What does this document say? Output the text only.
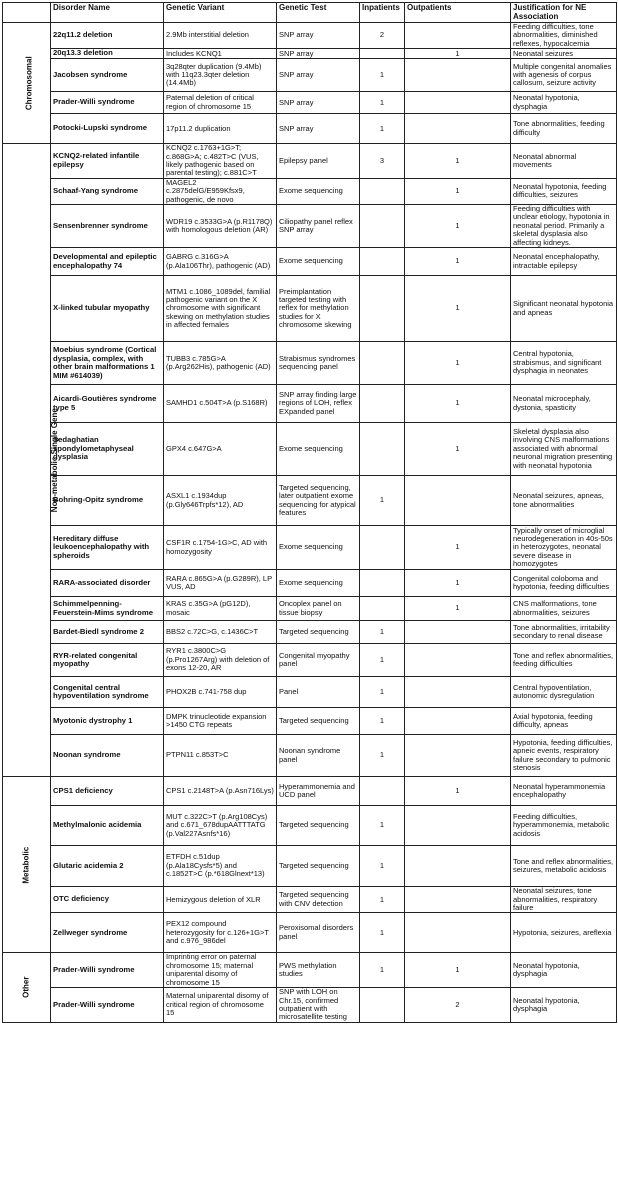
	Disorder Name	Genetic Variant	Genetic Test	Inpatients	Outpatients	Justification for NE Association
Chromosomal	22q11.2 deletion	2.9Mb interstitial deletion	SNP array	2		Feeding difficulties, tone abnormalities, diminished reflexes, hypocalcemia
	20q13.3 deletion	Includes KCNQ1	SNP array		1	Neonatal seizures
	Jacobsen syndrome	3q28qter duplication (9.4Mb) with 11q23.3qter deletion (14.4Mb)	SNP array	1		Multiple congenital anomalies with agenesis of corpus callosum, seizure activity
	Prader-Willi syndrome	Paternal deletion of critical region of chromosome 15	SNP array	1		Neonatal hypotonia, dysphagia
	Potocki-Lupski syndrome	17p11.2 duplication	SNP array	1		Tone abnormalities, feeding difficulty
Non-metabolic Single Gene	KCNQ2-related infantile epilepsy	KCNQ2 c.1763+1G>T; c.868G>A; c.482T>C (VUS, likely pathogenic based on parental testing); c.881C>T	Epilepsy panel	3	1	Neonatal abnormal movements
	Schaaf-Yang syndrome	MAGEL2 c.2875delG/E959Kfsx9, pathogenic, de novo	Exome sequencing		1	Neonatal hypotonia, feeding difficulties, seizures
	Sensenbrenner syndrome	WDR19 c.3533G>A (p.R1178Q) with homologous deletion (AR)	Ciliopathy panel reflex SNP array		1	Feeding difficulties with unclear etiology, hypotonia in neonatal period. Primarily a skeletal dysplasia also affecting kidneys.
	Developmental and epileptic encephalopathy 74	GABRG c.316G>A (p.Ala106Thr), pathogenic (AD)	Exome sequencing		1	Neonatal encephalopathy, intractable epilepsy
	X-linked tubular myopathy	MTM1 c.1086_1089del, familial pathogenic variant on the X chromosome with significant skewing on methylation studies in affected females	Preimplantation targeted testing with reflex for methylation studies for X chromosome skewing		1	Significant neonatal hypotonia and apneas
	Moebius syndrome (Cortical dysplasia, complex, with other brain malformations 1 MIM #614039)	TUBB3 c.785G>A (p.Arg262His), pathogenic (AD)	Strabismus syndromes sequencing panel		1	Central hypotonia, strabismus, and significant dysphagia in neonates
	Aicardi-Goutières syndrome type 5	SAMHD1 c.504T>A (p.S168R)	SNP array finding large regions of LOH, reflex EXpanded panel		1	Neonatal microcephaly, dystonia, spasticity
	Sedaghatian spondylometaphyseal dysplasia	GPX4 c.647G>A	Exome sequencing		1	Skeletal dysplasia also involving CNS malformations associated with abnormal neuronal migration presenting with neonatal hypotonia
	Bohring-Opitz syndrome	ASXL1 c.1934dup (p.Gly646Trpfs*12), AD	Targeted sequencing, later outpatient exome sequencing for atypical features	1		Neonatal seizures, apneas, tone abnormalities
	Hereditary diffuse leukoencephalopathy with spheroids	CSF1R c.1754-1G>C, AD with homozygosity	Exome sequencing		1	Typically onset of microglial neurodegeneration in 40s-50s in heterozygotes, neonatal severe disease in homozygotes
	RARA-associated disorder	RARA c.865G>A (p.G289R), LP VUS, AD	Exome sequencing		1	Congenital coloboma and hypotonia, feeding difficulties
	Schimmelpenning-Feuerstein-Mims syndrome	KRAS c.35G>A (pG12D), mosaic	Oncoplex panel on tissue biopsy		1	CNS malformations, tone abnormalities, seizures
	Bardet-Biedl syndrome 2	BBS2 c.72C>G, c.1436C>T	Targeted sequencing	1		Tone abnormalities, irritability secondary to renal disease
	RYR-related congenital myopathy	RYR1 c.3800C>G (p.Pro1267Arg) with deletion of exons 12-20, AR	Congenital myopathy panel	1		Tone and reflex abnormalities, feeding difficulties
	Congenital central hypoventilation syndrome	PHOX2B c.741-758 dup	Panel	1		Central hypoventilation, autonomic dysregulation
	Myotonic dystrophy 1	DMPK trinucleotide expansion >1450 CTG repeats	Targeted sequencing	1		Axial hypotonia, feeding difficulty, apneas
	Noonan syndrome	PTPN11 c.853T>C	Noonan syndrome panel	1		Hypotonia, feeding difficulties, apneic events, respiratory failure secondary to pulmonic stenosis
Metabolic	CPS1 deficiency	CPS1 c.2148T>A (p.Asn716Lys)	Hyperammonemia and UCD panel		1	Neonatal hyperammonemia encephalopathy
	Methylmalonic acidemia	MUT c.322C>T (p.Arg108Cys) and c.671_678dupAATTTATG (p.Val227Asnfs*16)	Targeted sequencing	1		Feeding difficulties, hyperammonemia, metabolic acidosis
	Glutaric acidemia 2	ETFDH c.51dup (p.Ala18Cysfs*5) and c.1852T>C (p.*618Glnext*13)	Targeted sequencing	1		Tone and reflex abnormalities, seizures, metabolic acidosis
	OTC deficiency	Hemizygous deletion of XLR	Targeted sequencing with CNV detection	1		Neonatal seizures, tone abnormalities, respiratory failure
	Zellweger syndrome	PEX12 compound heterozygosity for c.126+1G>T and c.976_986del	Peroxisomal disorders panel	1		Hypotonia, seizures, areflexia
Other	Prader-Willi syndrome	Imprinting error on paternal chromosome 15; maternal uniparental disomy of chromosome 15	PWS methylation studies	1	1	Neonatal hypotonia, dysphagia
	Prader-Willi syndrome	Maternal uniparental disomy of critical region of chromosome 15	SNP with LOH on Chr.15, confirmed outpatient with microsatellite testing		2	Neonatal hypotonia, dysphagia
